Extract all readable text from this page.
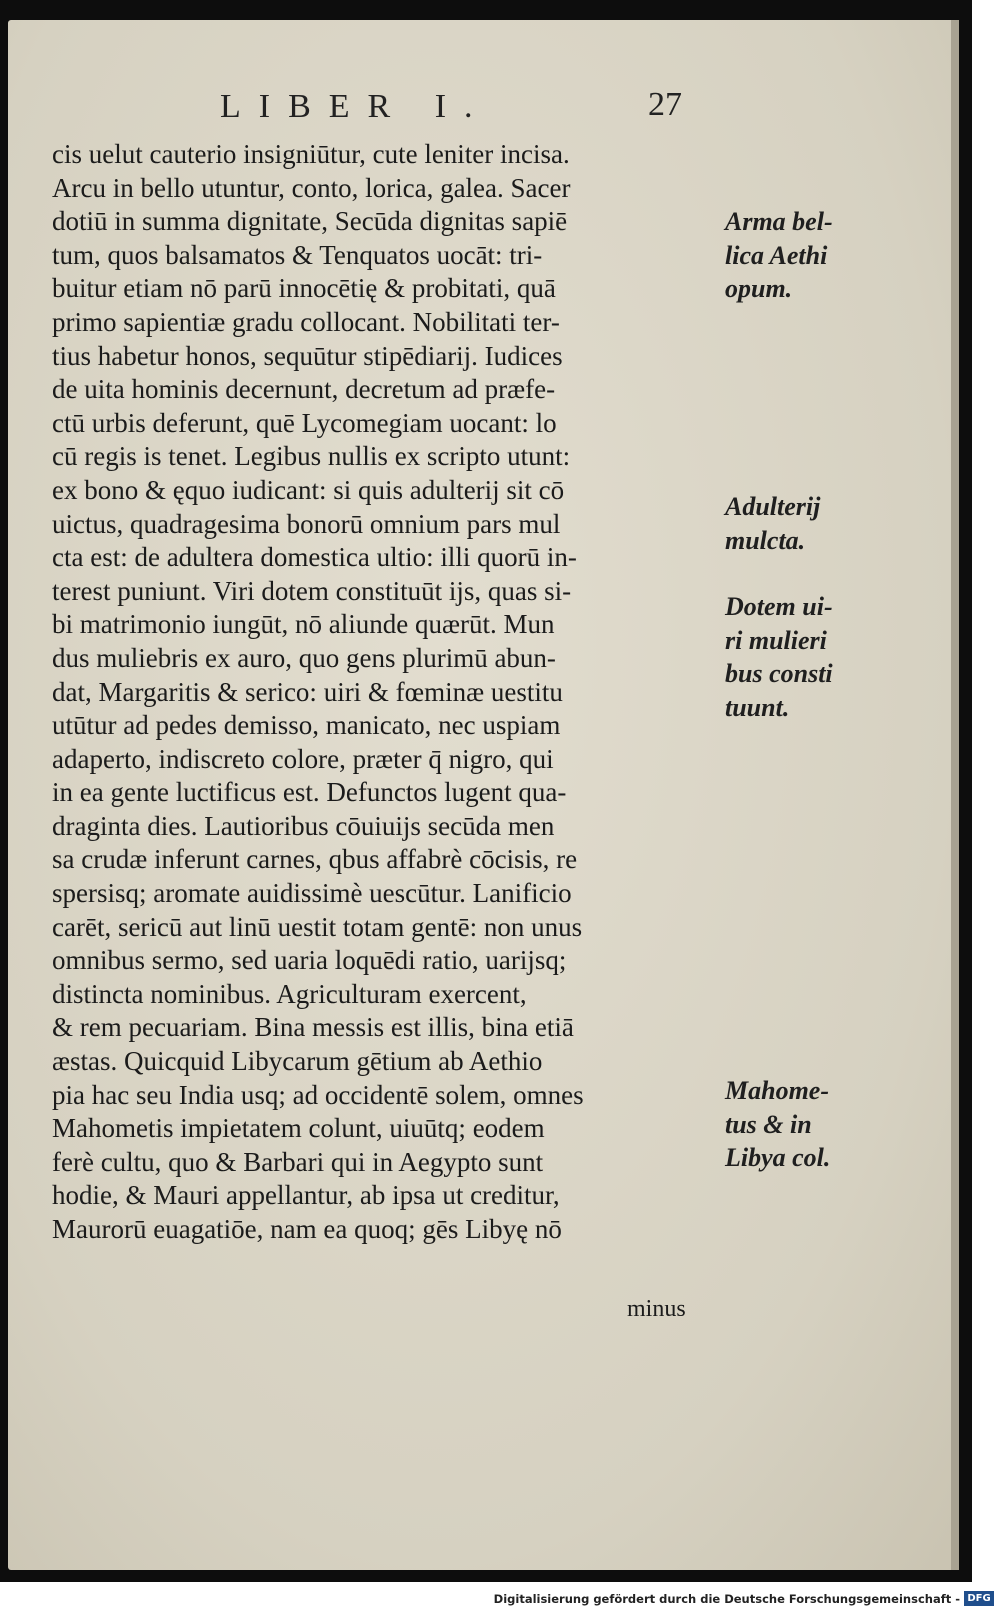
LIBER I.	27
cis uelut cauterio insigniūtur, cute leniter incisa.
Arcu in bello utuntur, conto, lorica, galea. Sacer
dotiū in summa dignitate, Secūda dignitas sapiē
tum, quos balsamatos & Tenquatos uocāt: tri-
buitur etiam nō parū innocētię & probitati, quā
primo sapientiæ gradu collocant. Nobilitati ter-
tius habetur honos, sequūtur stipēdiarij. Iudices
de uita hominis decernunt, decretum ad præfe-
ctū urbis deferunt, quē Lycomegiam uocant: lo
cū regis is tenet. Legibus nullis ex scripto utunt:
ex bono & ęquo iudicant: si quis adulterij sit cō
uictus, quadragesima bonorū omnium pars mul
cta est: de adultera domestica ultio: illi quorū in-
terest puniunt. Viri dotem constituūt ijs, quas si-
bi matrimonio iungūt, nō aliunde quærūt. Mun
dus muliebris ex auro, quo gens plurimū abun-
dat, Margaritis & serico: uiri & fœminæ uestitu
utūtur ad pedes demisso, manicato, nec uspiam
adaperto, indiscreto colore, præter q̄ nigro, qui
in ea gente luctificus est. Defunctos lugent qua-
draginta dies. Lautioribus cōuiuijs secūda men
sa crudæ inferunt carnes, qbus affabrè cōcisis, re
spersisq; aromate auidissimè uescūtur. Lanificio
carēt, sericū aut linū uestit totam gentē: non unus
omnibus sermo, sed uaria loquēdi ratio, uarijsq;
distincta nominibus. Agriculturam exercent,
& rem pecuariam. Bina messis est illis, bina etiā
æstas. Quicquid Libycarum gētium ab Aethio
pia hac seu India usq; ad occidentē solem, omnes
Mahometis impietatem colunt, uiuūtq; eodem
ferè cultu, quo & Barbari qui in Aegypto sunt
hodie, & Mauri appellantur, ab ipsa ut creditur,
Maurorū euagatiōe, nam ea quoq; gēs Libyę nō
minus
Arma bel-
lica Aethi
opum.
Adulterij
mulcta.
Dotem ui-
ri mulieri
bus consti
tuunt.
Mahome-
tus & in
Libya col.
Digitalisierung gefördert durch die Deutsche Forschungsgemeinschaft - DFG
